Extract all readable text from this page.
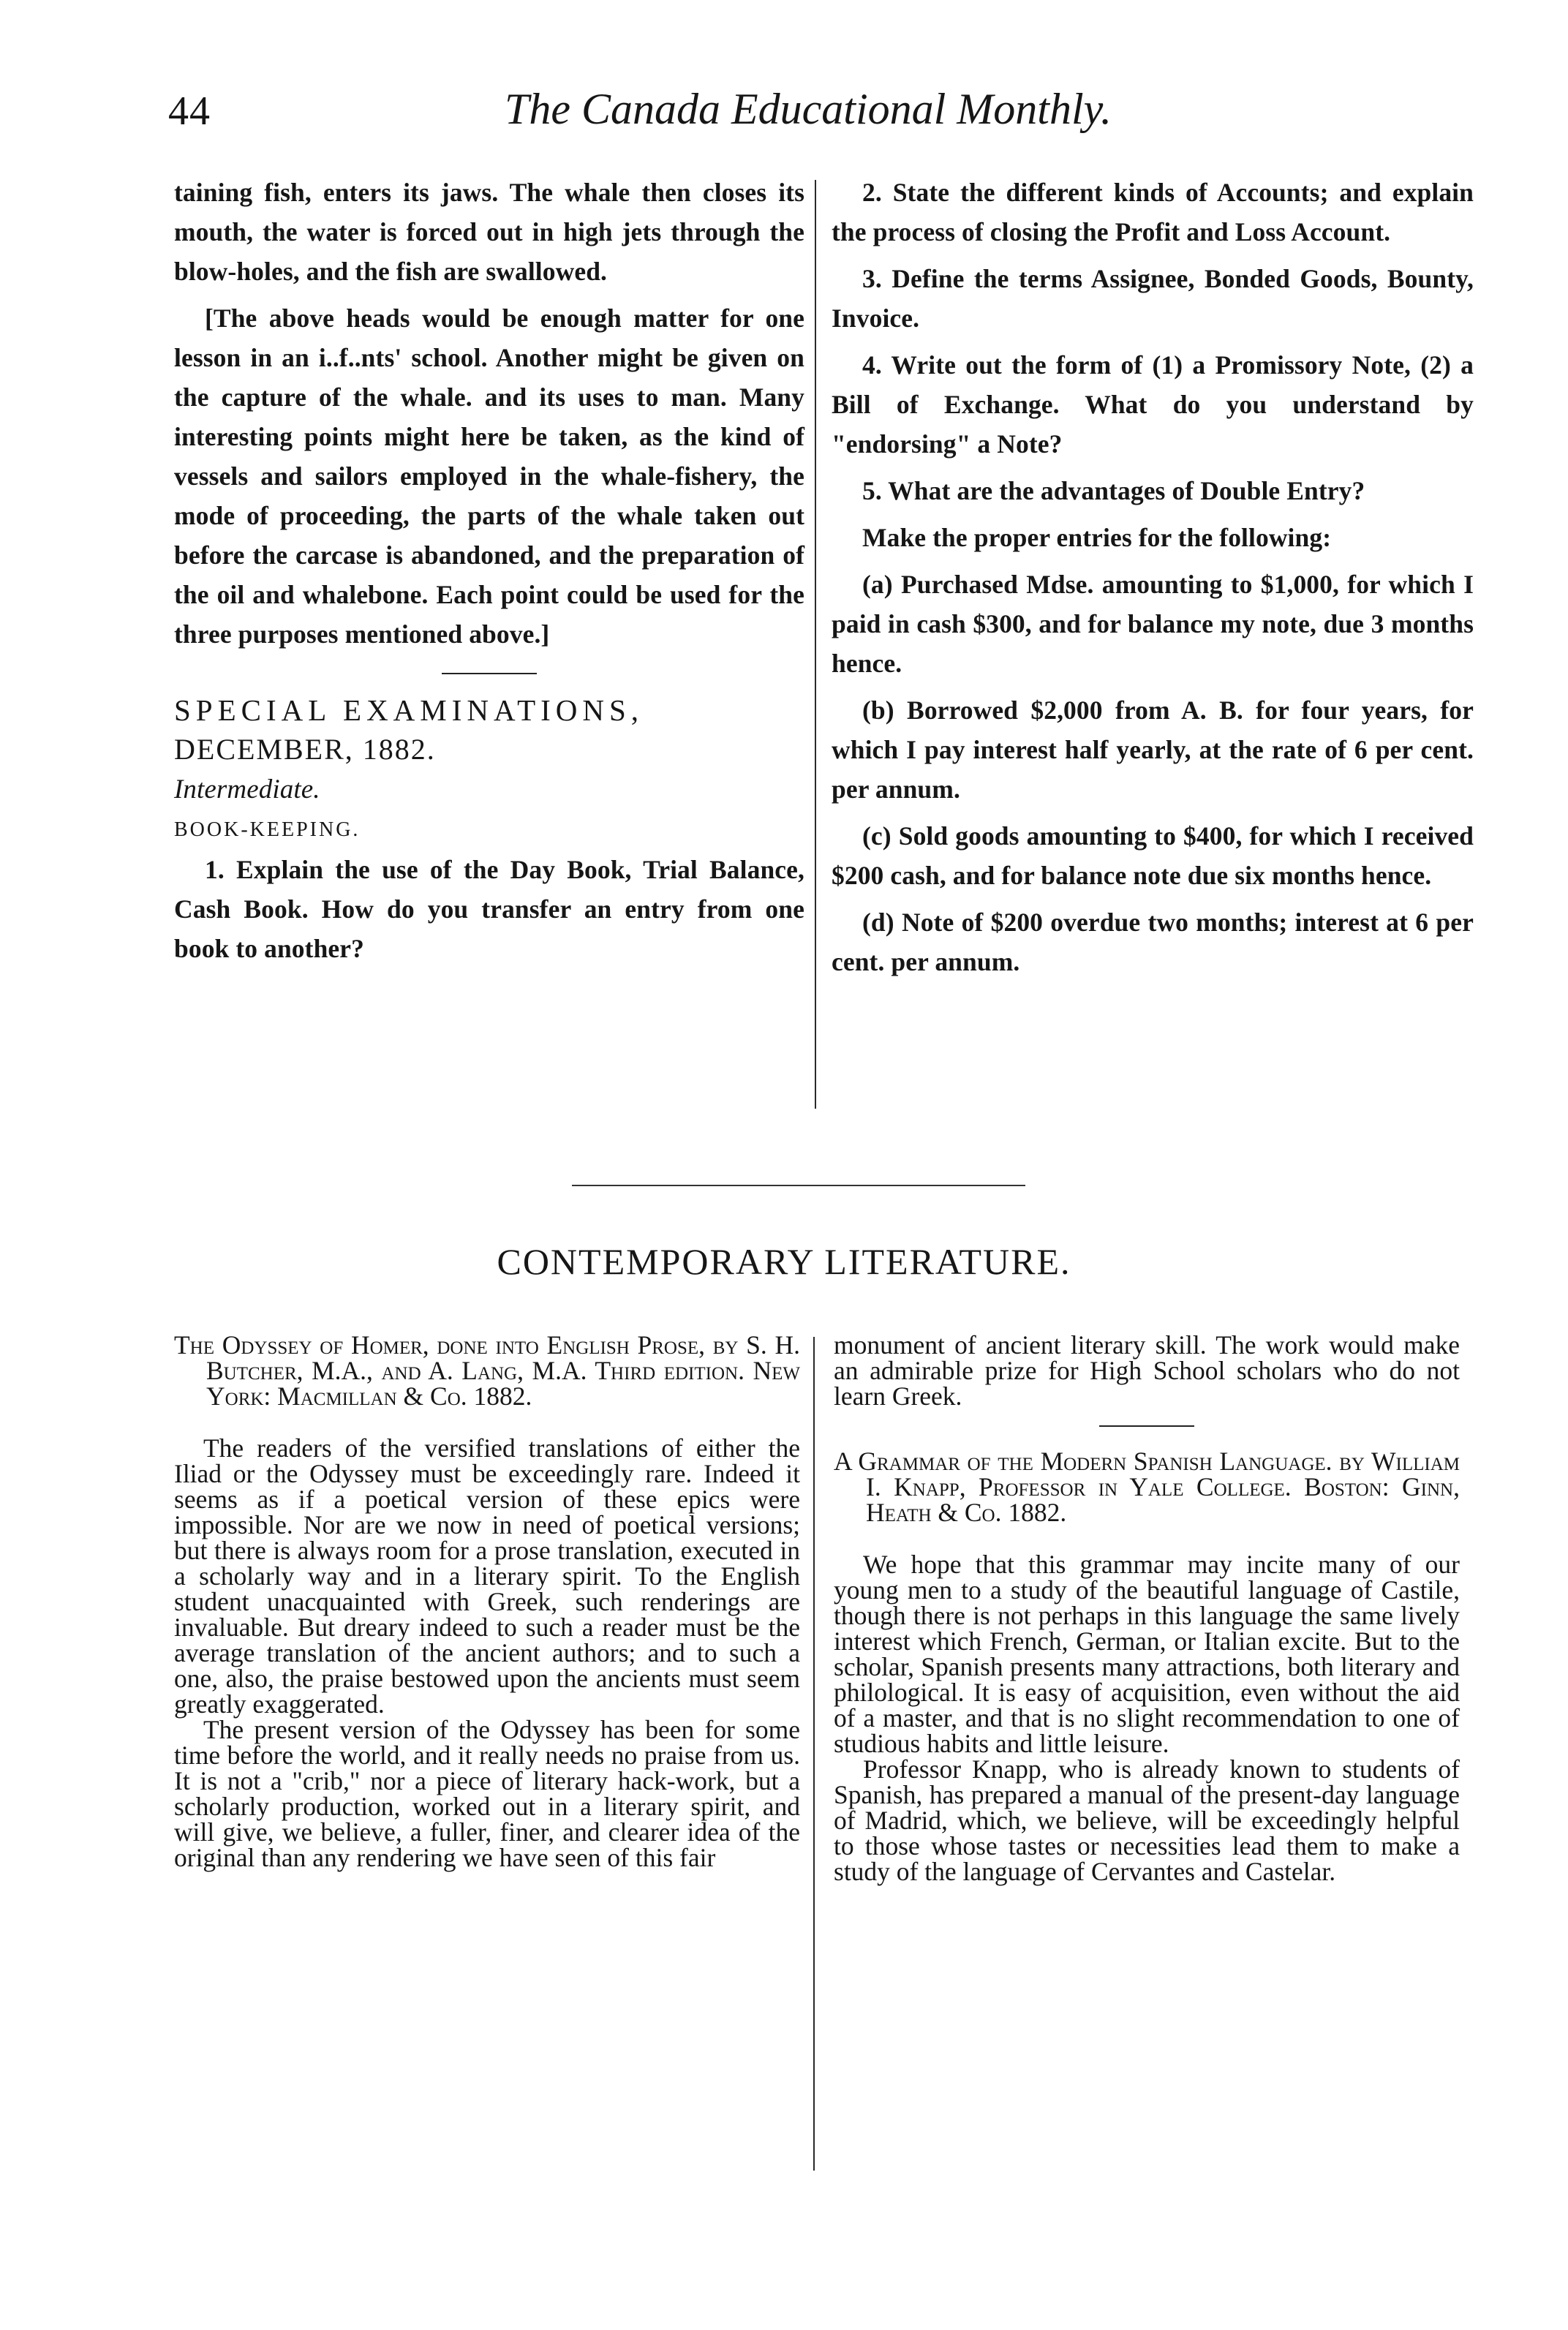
44	The Canada Educational Monthly.

taining fish, enters its jaws. The whale then closes its mouth, the water is forced out in high jets through the blow-holes, and the fish are swallowed.

[The above heads would be enough matter for one lesson in an i..f..nts' school. Another might be given on the capture of the whale. and its uses to man. Many interesting points might here be taken, as the kind of vessels and sailors employed in the whale-fishery, the mode of proceeding, the parts of the whale taken out before the carcase is abandoned, and the preparation of the oil and whalebone. Each point could be used for the three purposes mentioned above.]

SPECIAL EXAMINATIONS,

DECEMBER, 1882.

Intermediate.

BOOK-KEEPING.

1. Explain the use of the Day Book, Trial Balance, Cash Book. How do you transfer an entry from one book to another?

2. State the different kinds of Accounts; and explain the process of closing the Profit and Loss Account.

3. Define the terms Assignee, Bonded Goods, Bounty, Invoice.

4. Write out the form of (1) a Promissory Note, (2) a Bill of Exchange. What do you understand by "endorsing" a Note?

5. What are the advantages of Double Entry?

Make the proper entries for the following:

(a) Purchased Mdse. amounting to $1,000, for which I paid in cash $300, and for balance my note, due 3 months hence.

(b) Borrowed $2,000 from A. B. for four years, for which I pay interest half yearly, at the rate of 6 per cent. per annum.

(c) Sold goods amounting to $400, for which I received $200 cash, and for balance note due six months hence.

(d) Note of $200 overdue two months; interest at 6 per cent. per annum.

CONTEMPORARY LITERATURE.

The Odyssey of Homer, done into English Prose, by S. H. Butcher, M.A., and A. Lang, M.A. Third edition. New York: Macmillan & Co. 1882.

The readers of the versified translations of either the Iliad or the Odyssey must be exceedingly rare. Indeed it seems as if a poetical version of these epics were impossible. Nor are we now in need of poetical versions; but there is always room for a prose translation, executed in a scholarly way and in a literary spirit. To the English student unacquainted with Greek, such renderings are invaluable. But dreary indeed to such a reader must be the average translation of the ancient authors; and to such a one, also, the praise bestowed upon the ancients must seem greatly exaggerated.

The present version of the Odyssey has been for some time before the world, and it really needs no praise from us. It is not a "crib," nor a piece of literary hack-work, but a scholarly production, worked out in a literary spirit, and will give, we believe, a fuller, finer, and clearer idea of the original than any rendering we have seen of this fair

monument of ancient literary skill. The work would make an admirable prize for High School scholars who do not learn Greek.

A Grammar of the Modern Spanish Language. by William I. Knapp, Professor in Yale College. Boston: Ginn, Heath & Co. 1882.

We hope that this grammar may incite many of our young men to a study of the beautiful language of Castile, though there is not perhaps in this language the same lively interest which French, German, or Italian excite. But to the scholar, Spanish presents many attractions, both literary and philological. It is easy of acquisition, even without the aid of a master, and that is no slight recommendation to one of studious habits and little leisure.

Professor Knapp, who is already known to students of Spanish, has prepared a manual of the present-day language of Madrid, which, we believe, will be exceedingly helpful to those whose tastes or necessities lead them to make a study of the language of Cervantes and Castelar.
